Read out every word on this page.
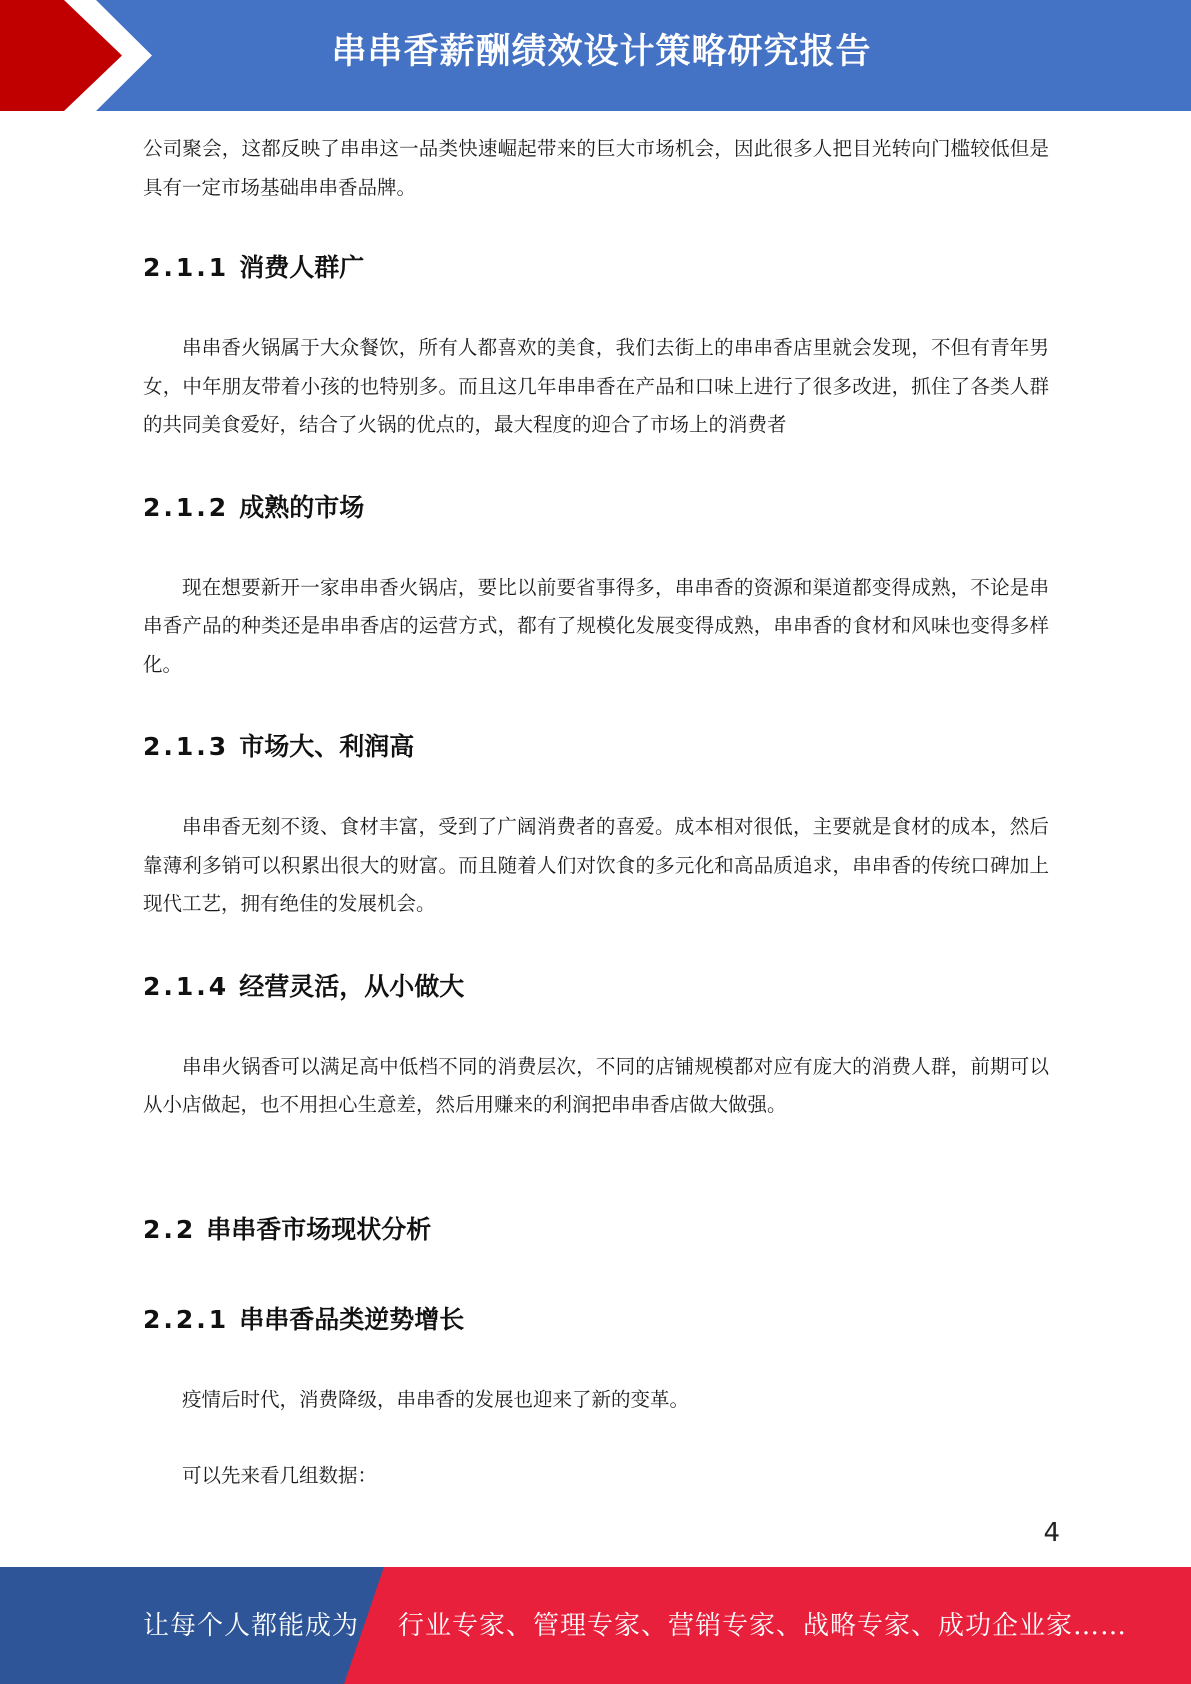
串串香薪酬绩效设计策略研究报告

公司聚会，这都反映了串串这一品类快速崛起带来的巨大市场机会，因此很多人把目光转向门槛较低但是具有一定市场基础串串香品牌。

2.1.1 消费人群广

串串香火锅属于大众餐饮，所有人都喜欢的美食，我们去街上的串串香店里就会发现，不但有青年男女，中年朋友带着小孩的也特别多。而且这几年串串香在产品和口味上进行了很多改进，抓住了各类人群的共同美食爱好，结合了火锅的优点的，最大程度的迎合了市场上的消费者

2.1.2 成熟的市场

现在想要新开一家串串香火锅店，要比以前要省事得多，串串香的资源和渠道都变得成熟，不论是串串香产品的种类还是串串香店的运营方式，都有了规模化发展变得成熟，串串香的食材和风味也变得多样化。

2.1.3 市场大、利润高

串串香无刻不烫、食材丰富，受到了广阔消费者的喜爱。成本相对很低，主要就是食材的成本，然后靠薄利多销可以积累出很大的财富。而且随着人们对饮食的多元化和高品质追求，串串香的传统口碑加上现代工艺，拥有绝佳的发展机会。

2.1.4 经营灵活，从小做大

串串火锅香可以满足高中低档不同的消费层次，不同的店铺规模都对应有庞大的消费人群，前期可以从小店做起，也不用担心生意差，然后用赚来的利润把串串香店做大做强。

2.2 串串香市场现状分析
2.2.1 串串香品类逆势增长

疫情后时代，消费降级，串串香的发展也迎来了新的变革。

可以先来看几组数据：

4
让每个人都能成为 行业专家、管理专家、营销专家、战略专家、成功企业家……
